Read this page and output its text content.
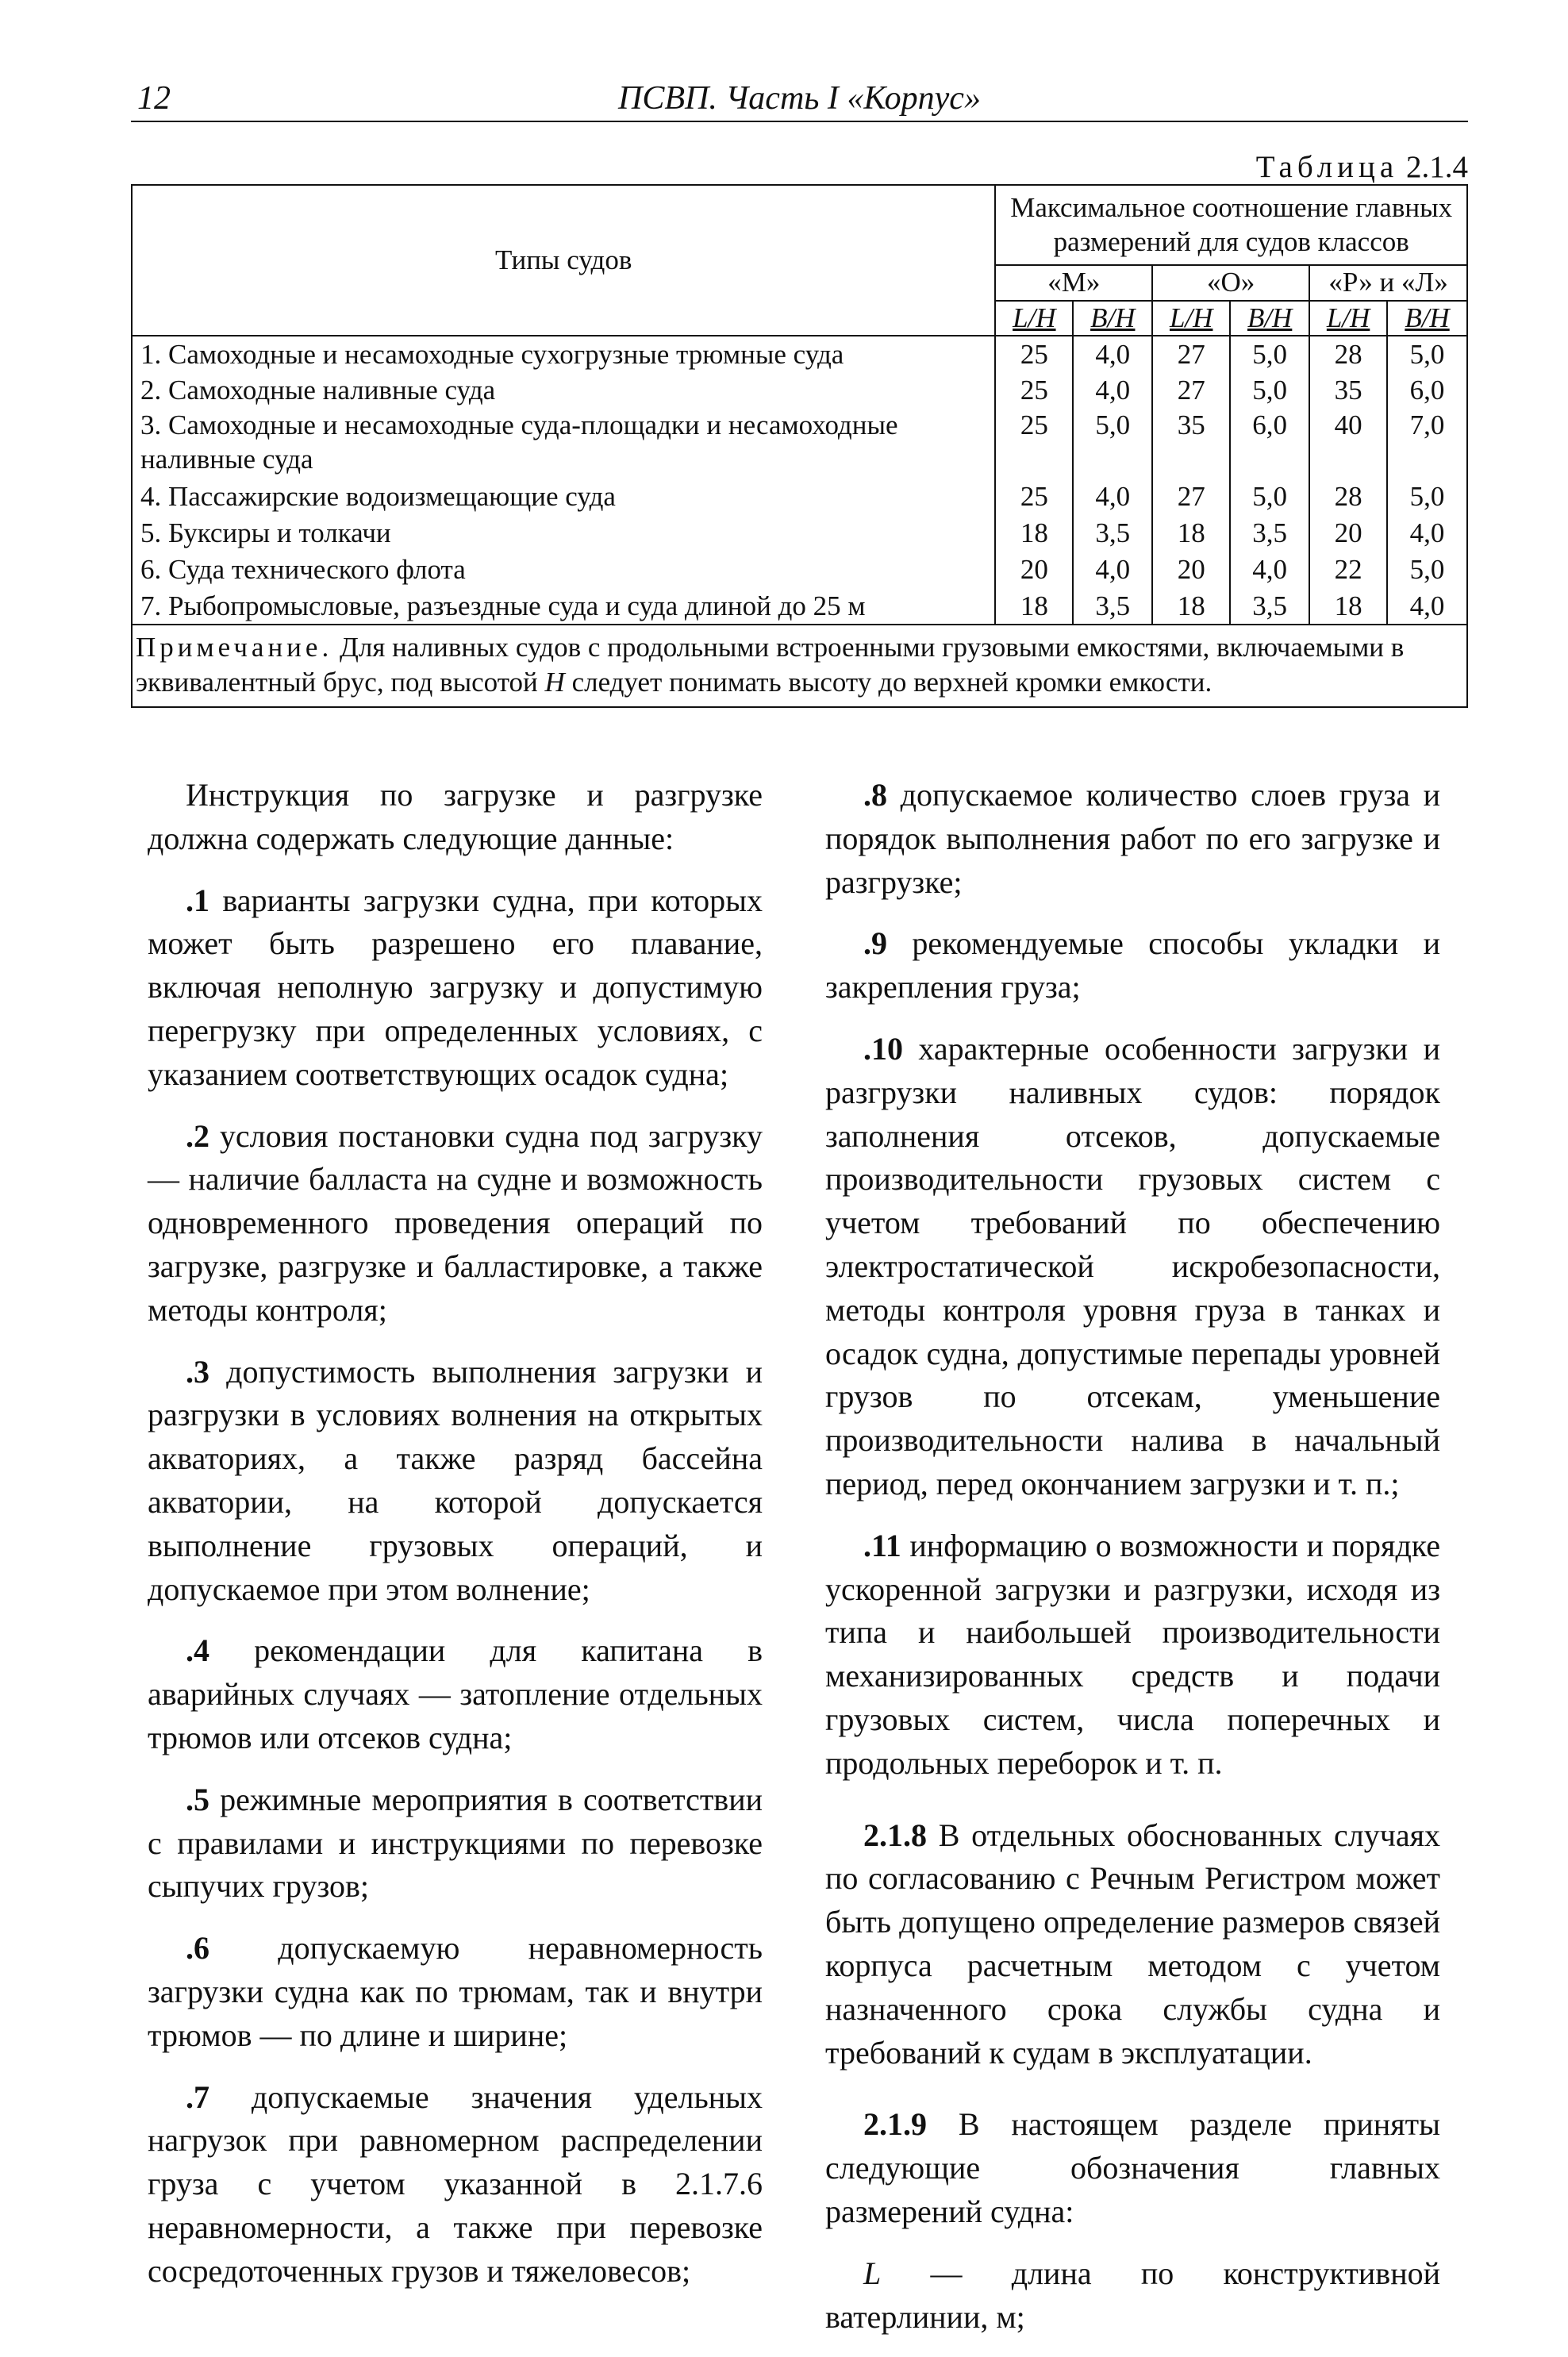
12	ПСВП. Часть I «Корпус»
Таблица 2.1.4
Типы судов	Максимальное соотношение главных размерений для судов классов					
	«М»		«О»		«Р» и «Л»	
	L/H	B/H	L/H	B/H	L/H	B/H
1. Самоходные и несамоходные сухогрузные трюмные суда	25	4,0	27	5,0	28	5,0
2. Самоходные наливные суда	25	4,0	27	5,0	35	6,0
3. Самоходные и несамоходные суда-площадки и несамоходные наливные суда	25	5,0	35	6,0	40	7,0
4. Пассажирские водоизмещающие суда	25	4,0	27	5,0	28	5,0
5. Буксиры и толкачи	18	3,5	18	3,5	20	4,0
6. Суда технического флота	20	4,0	20	4,0	22	5,0
7. Рыбопромысловые, разъездные суда и суда длиной до 25 м	18	3,5	18	3,5	18	4,0
Примечание. Для наливных судов с продольными встроенными грузовыми емкостями, включаемыми в эквивалентный брус, под высотой H следует понимать высоту до верхней кромки емкости.						

Инструкция по загрузке и разгрузке должна содержать следующие данные:

.1 варианты загрузки судна, при которых может быть разрешено его плавание, включая неполную загрузку и допустимую перегрузку при определенных условиях, с указанием соответствующих осадок судна;

.2 условия постановки судна под загрузку — наличие балласта на судне и возможность одновременного проведения операций по загрузке, разгрузке и балластировке, а также методы контроля;

.3 допустимость выполнения загрузки и разгрузки в условиях волнения на открытых акваториях, а также разряд бассейна акватории, на которой допускается выполнение грузовых операций, и допускаемое при этом волнение;

.4 рекомендации для капитана в аварийных случаях — затопление отдельных трюмов или отсеков судна;

.5 режимные мероприятия в соответствии с правилами и инструкциями по перевозке сыпучих грузов;

.6 допускаемую неравномерность загрузки судна как по трюмам, так и внутри трюмов — по длине и ширине;

.7 допускаемые значения удельных нагрузок при равномерном распределении груза с учетом указанной в 2.1.7.6 неравномерности, а также при перевозке сосредоточенных грузов и тяжеловесов;

.8 допускаемое количество слоев груза и порядок выполнения работ по его загрузке и разгрузке;

.9 рекомендуемые способы укладки и закрепления груза;

.10 характерные особенности загрузки и разгрузки наливных судов: порядок заполнения отсеков, допускаемые производительности грузовых систем с учетом требований по обеспечению электростатической искробезопасности, методы контроля уровня груза в танках и осадок судна, допустимые перепады уровней грузов по отсекам, уменьшение производительности налива в начальный период, перед окончанием загрузки и т. п.;

.11 информацию о возможности и порядке ускоренной загрузки и разгрузки, исходя из типа и наибольшей производительности механизированных средств и подачи грузовых систем, числа поперечных и продольных переборок и т. п.

2.1.8 В отдельных обоснованных случаях по согласованию с Речным Регистром может быть допущено определение размеров связей корпуса расчетным методом с учетом назначенного срока службы судна и требований к судам в эксплуатации.

2.1.9 В настоящем разделе приняты следующие обозначения главных размерений судна:

L — длина по конструктивной ватерлинии, м;
